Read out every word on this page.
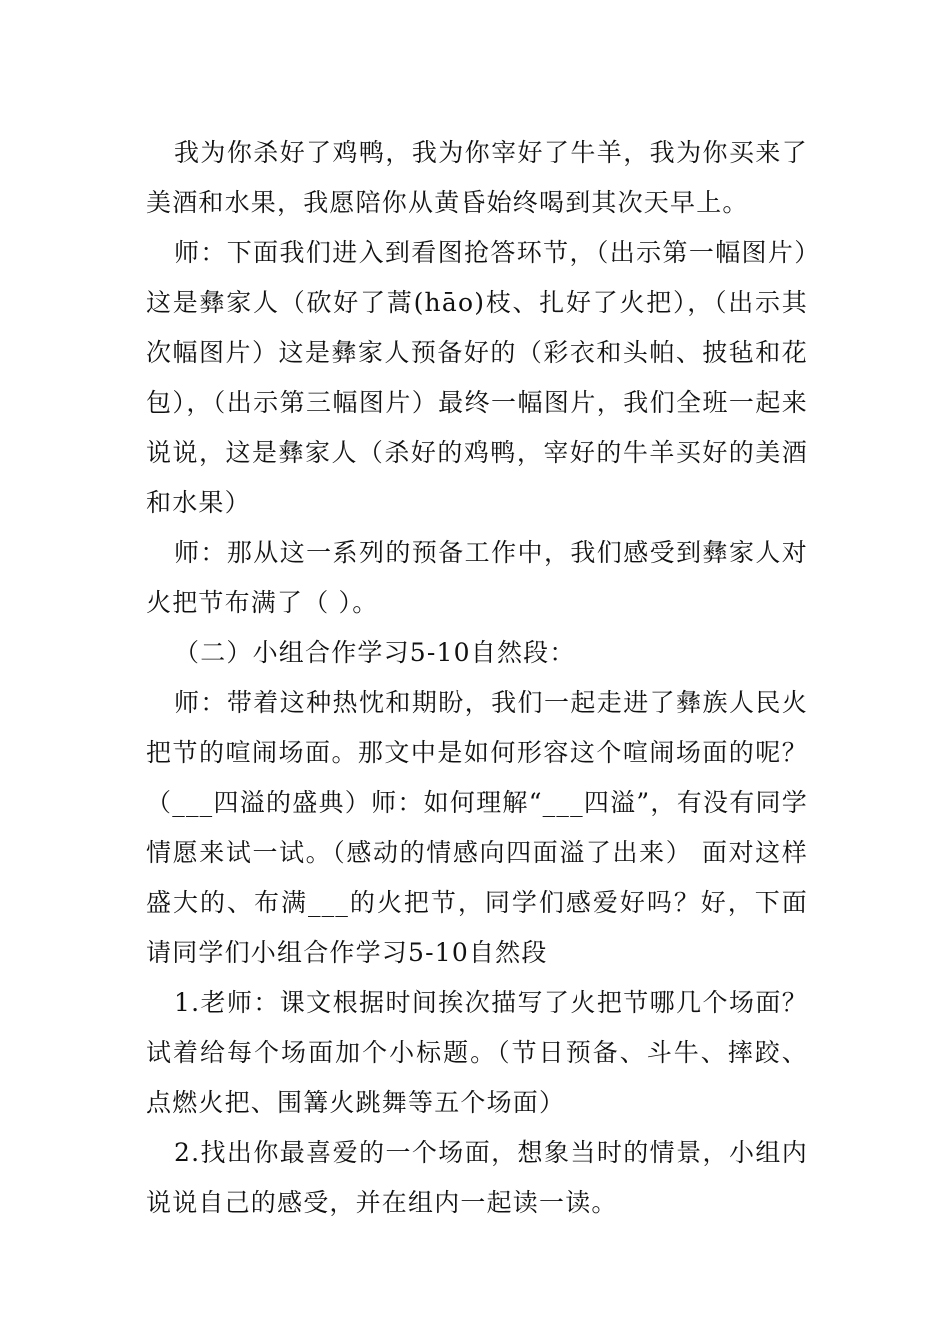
我为你杀好了鸡鸭，我为你宰好了牛羊，我为你买来了美酒和水果，我愿陪你从黄昏始终喝到其次天早上。

师：下面我们进入到看图抢答环节，（出示第一幅图片）这是彝家人（砍好了蒿(hāo)枝、扎好了火把），（出示其次幅图片）这是彝家人预备好的（彩衣和头帕、披毡和花包），（出示第三幅图片）最终一幅图片，我们全班一起来说说，这是彝家人（杀好的鸡鸭，宰好的牛羊买好的美酒和水果）

师：那从这一系列的预备工作中，我们感受到彝家人对火把节布满了（ ）。

（二）小组合作学习5-10自然段：

师：带着这种热忱和期盼，我们一起走进了彝族人民火把节的喧闹场面。那文中是如何形容这个喧闹场面的呢？（___四溢的盛典）师：如何理解“___四溢”，有没有同学情愿来试一试。（感动的情感向四面溢了出来） 面对这样盛大的、布满___的火把节，同学们感爱好吗？好，下面请同学们小组合作学习5-10自然段

1.老师：课文根据时间挨次描写了火把节哪几个场面？试着给每个场面加个小标题。（节日预备、斗牛、摔跤、点燃火把、围篝火跳舞等五个场面）

2.找出你最喜爱的一个场面，想象当时的情景，小组内说说自己的感受，并在组内一起读一读。
